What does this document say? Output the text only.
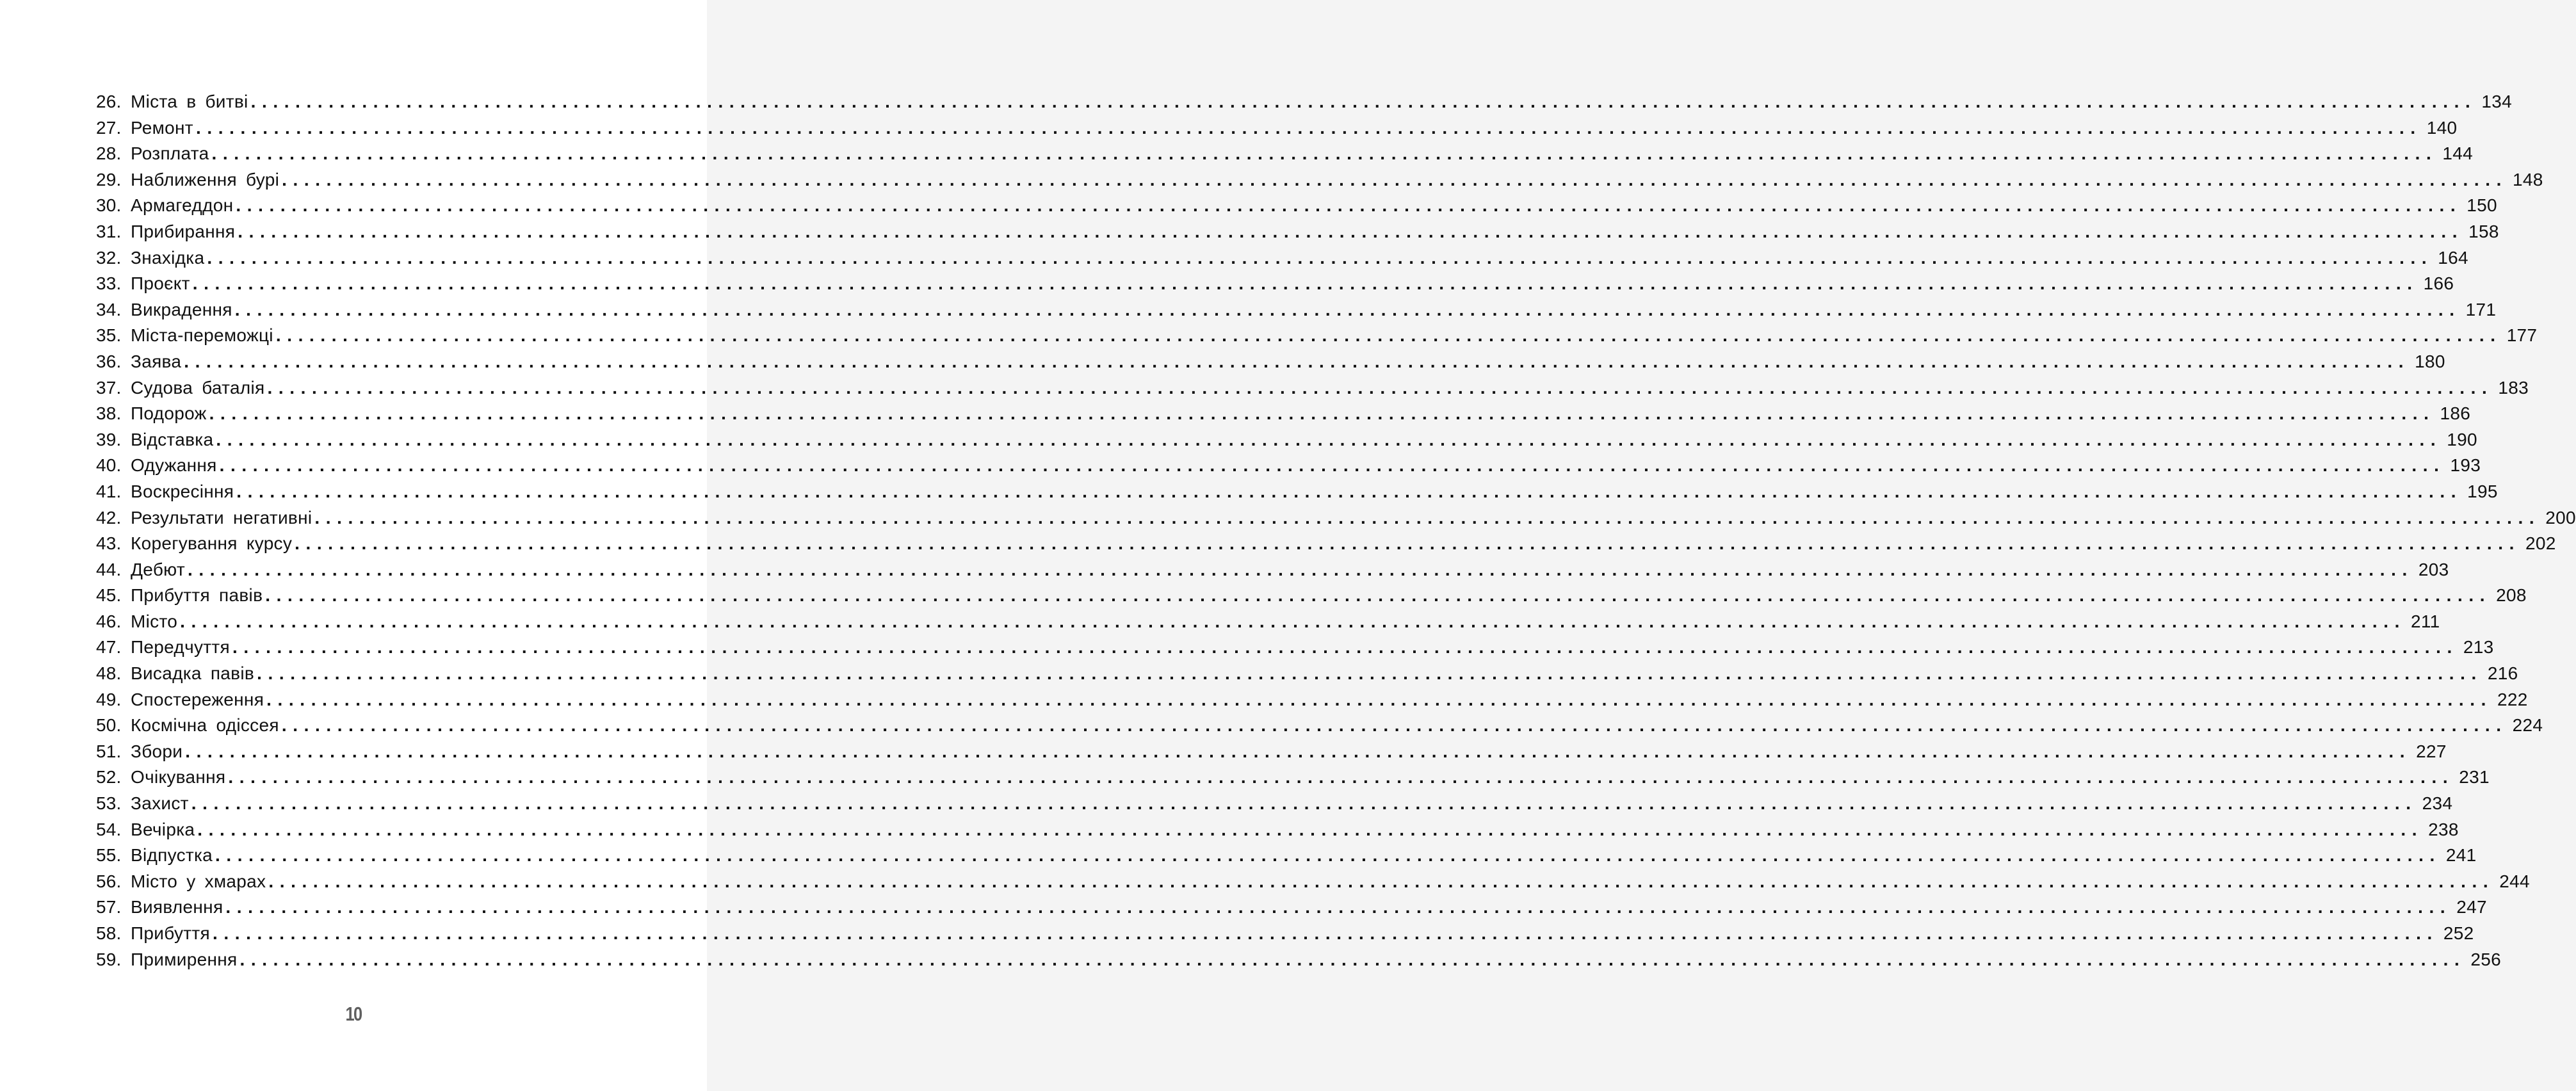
26. Міста в битві ........................................................................................................................................................................................................ 134
27. Ремонт ........................................................................................................................................................................................................ 140
28. Розплата ........................................................................................................................................................................................................ 144
29. Наближення бурі ........................................................................................................................................................................................................ 148
30. Армагеддон ........................................................................................................................................................................................................ 150
31. Прибирання ........................................................................................................................................................................................................ 158
32. Знахідка ........................................................................................................................................................................................................ 164
33. Проєкт ........................................................................................................................................................................................................ 166
34. Викрадення ........................................................................................................................................................................................................ 171
35. Міста-переможці ........................................................................................................................................................................................................ 177
36. Заява ........................................................................................................................................................................................................ 180
37. Судова баталія ........................................................................................................................................................................................................ 183
38. Подорож ........................................................................................................................................................................................................ 186
39. Відставка ........................................................................................................................................................................................................ 190
40. Одужання ........................................................................................................................................................................................................ 193
41. Воскресіння ........................................................................................................................................................................................................ 195
42. Результати негативні ........................................................................................................................................................................................................ 200
43. Корегування курсу ........................................................................................................................................................................................................ 202
44. Дебют ........................................................................................................................................................................................................ 203
45. Прибуття павів ........................................................................................................................................................................................................ 208
46. Місто ........................................................................................................................................................................................................ 211
47. Передчуття ........................................................................................................................................................................................................ 213
48. Висадка павів ........................................................................................................................................................................................................ 216
49. Спостереження ........................................................................................................................................................................................................ 222
50. Космічна одіссея ........................................................................................................................................................................................................ 224
51. Збори ........................................................................................................................................................................................................ 227
52. Очікування ........................................................................................................................................................................................................ 231
53. Захист ........................................................................................................................................................................................................ 234
54. Вечірка ........................................................................................................................................................................................................ 238
55. Відпустка ........................................................................................................................................................................................................ 241
56. Місто у хмарах ........................................................................................................................................................................................................ 244
57. Виявлення ........................................................................................................................................................................................................ 247
58. Прибуття ........................................................................................................................................................................................................ 252
59. Примирення ........................................................................................................................................................................................................ 256
10
